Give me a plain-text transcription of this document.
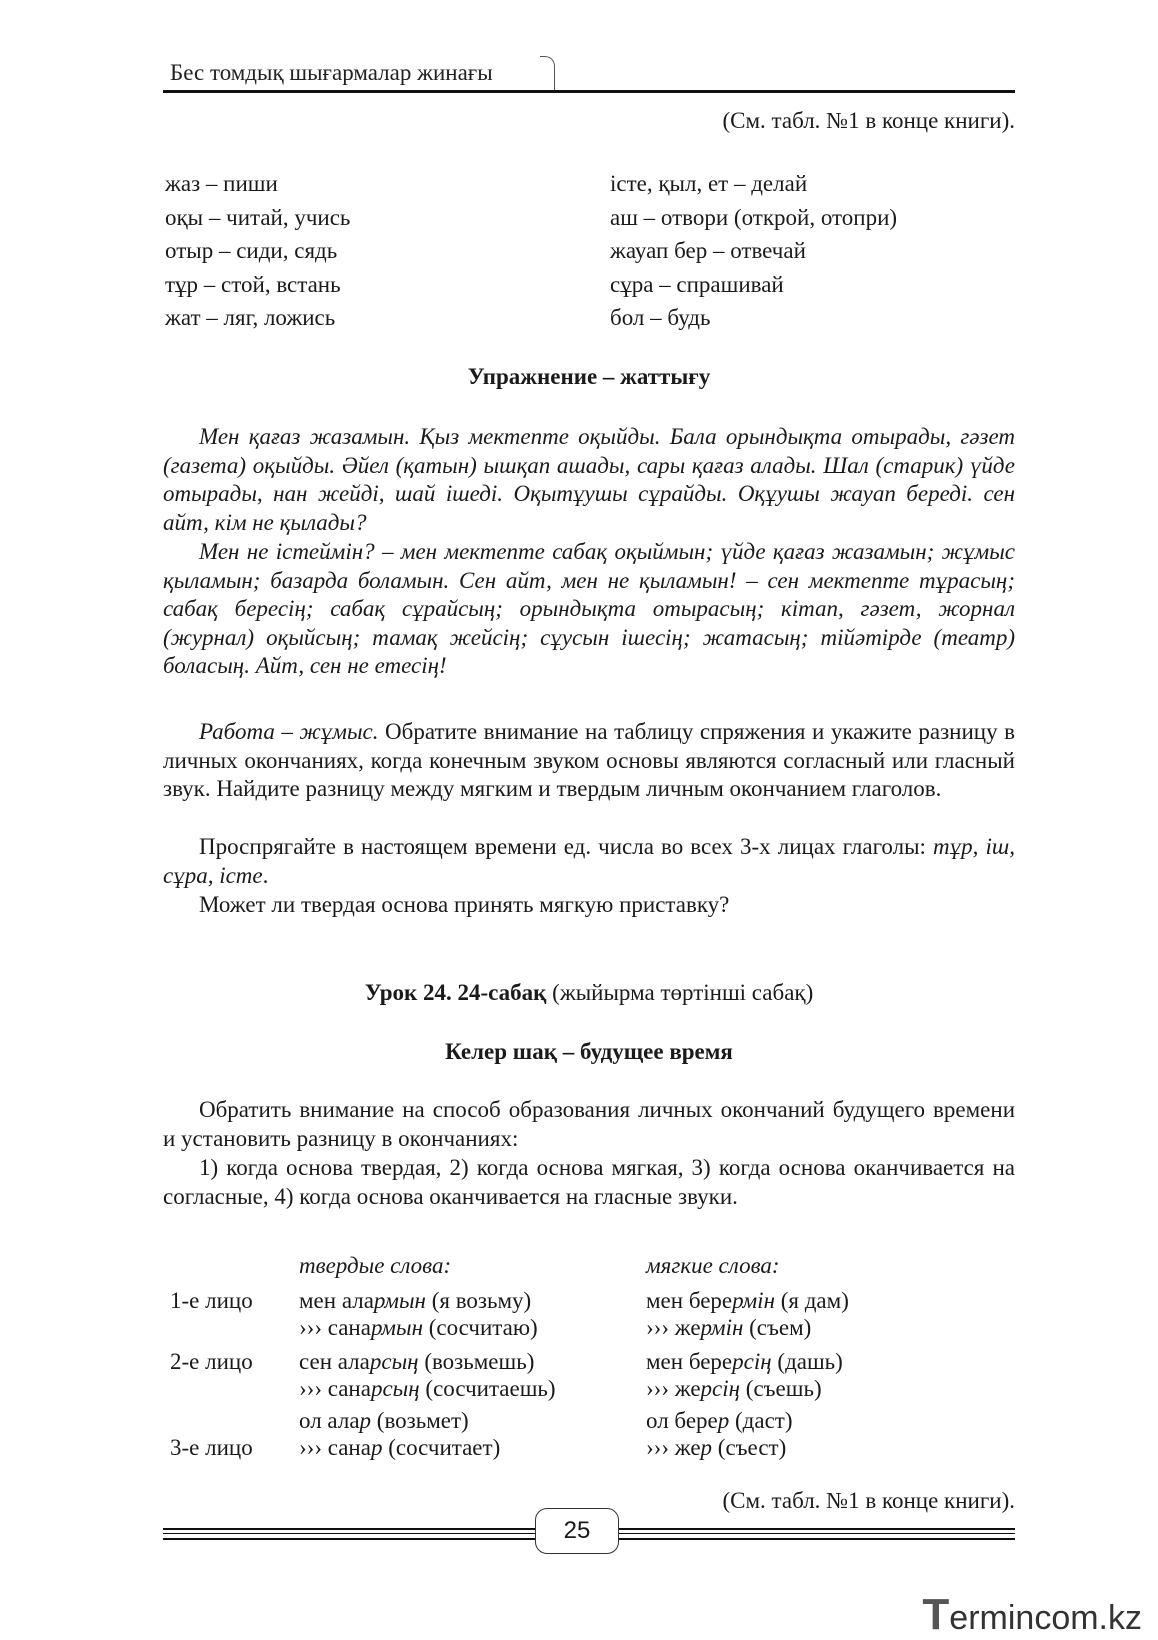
Бес томдық шығармалар жинағы
(См. табл. №1 в конце книги).
жаз – пиши
оқы – читай, учись
отыр – сиди, сядь
тұр – стой, встань
жат – ляг, ложись
істе, қыл, ет – делай
аш – отвори (открой, отопри)
жауап бер – отвечай
сұра – спрашивай
бол – будь
Упражнение – жаттығу

Мен қағаз жазамын. Қыз мектепте оқыйды. Бала орындықта отырады, гәзет (газета) оқыйды. Әйел (қатын) ышқап ашады, сары қағаз алады. Шал (старик) үйде отырады, нан жейді, шай ішеді. Оқытұушы сұрайды. Оқұушы жауап береді. сен айт, кім не қылады?

Мен не істеймін? – мен мектепте сабақ оқыймын; үйде қағаз жазамын; жұмыс қыламын; базарда боламын. Сен айт, мен не қыламын! – сен мектепте тұрасың; сабақ бересің; сабақ сұрайсың; орындықта отырасың; кітап, гәзет, жорнал (журнал) оқыйсың; тамақ жейсің; сұусын ішесің; жатасың; тійәтірде (театр) боласың. Айт, сен не етесің!

Работа – жұмыс. Обратите внимание на таблицу спряжения и укажите разницу в личных окончаниях, когда конечным звуком основы являются согласный или гласный звук. Найдите разницу между мягким и твердым личным окончанием глаголов.

Проспрягайте в настоящем времени ед. числа во всех 3-х лицах глаголы: тұр, іш, сұра, істе.

Может ли твердая основа принять мягкую приставку?

Урок 24. 24-сабақ (жыйырма төртінші сабақ)
Келер шақ – будущее время

Обратить внимание на способ образования личных окончаний будущего времени и установить разницу в окончаниях:

1) когда основа твердая, 2) когда основа мягкая, 3) когда основа оканчивается на согласные, 4) когда основа оканчивается на гласные звуки.

твердые слова:	мягкие слова:
1-е лицо
2-е лицо
3-е лицо
мен алармын (я возьму)
››› санармын (сосчитаю)
мен берермін (я дам)
››› жермін (съем)
сен аларсың (возьмешь)
››› санарсың (сосчитаешь)
мен берерсің (дашь)
››› жерсің (съешь)
ол алар (возьмет)
››› санар (сосчитает)
ол берер (даст)
››› жер (съест)
(См. табл. №1 в конце книги).
25
Termincom.kz
